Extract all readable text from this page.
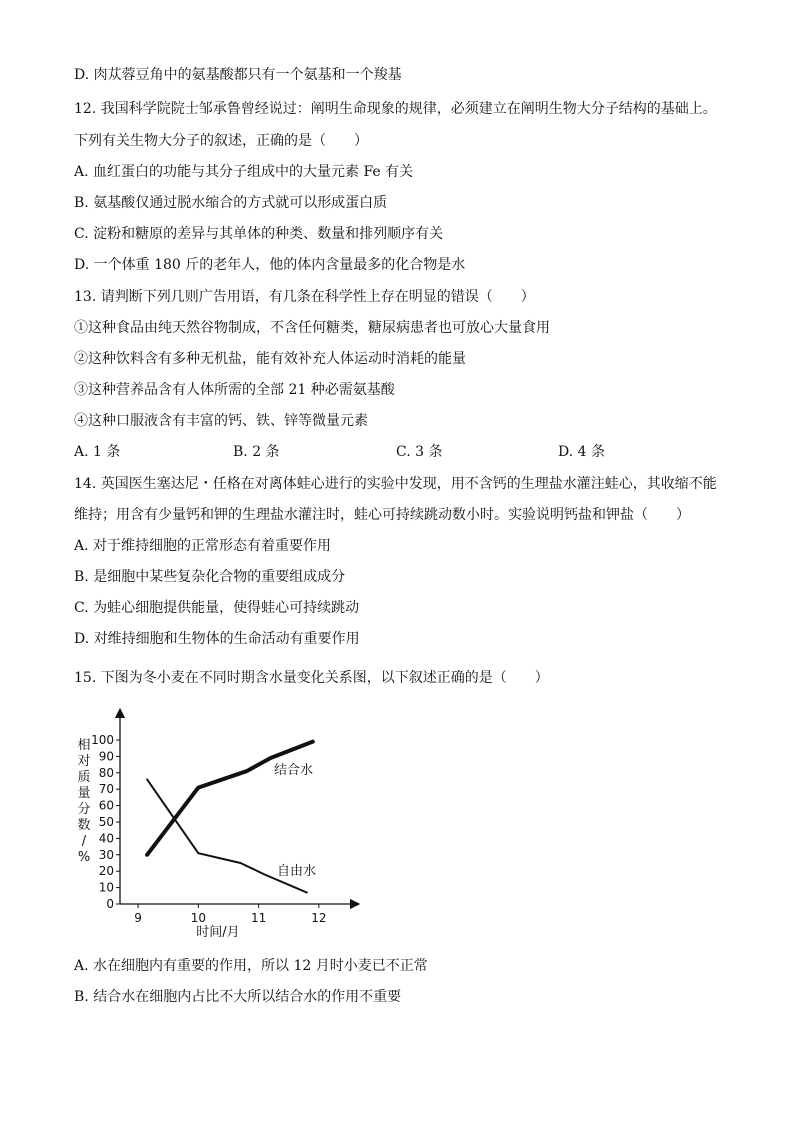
D. 肉苁蓉豆角中的氨基酸都只有一个氨基和一个羧基
12. 我国科学院院士邹承鲁曾经说过：阐明生命现象的规律，必须建立在阐明生物大分子结构的基础上。
下列有关生物大分子的叙述，正确的是（　　）
A. 血红蛋白的功能与其分子组成中的大量元素 Fe 有关
B. 氨基酸仅通过脱水缩合的方式就可以形成蛋白质
C. 淀粉和糖原的差异与其单体的种类、数量和排列顺序有关
D. 一个体重 180 斤的老年人，他的体内含量最多的化合物是水
13. 请判断下列几则广告用语，有几条在科学性上存在明显的错误（　　）
①这种食品由纯天然谷物制成，不含任何糖类，糖尿病患者也可放心大量食用
②这种饮料含有多种无机盐，能有效补充人体运动时消耗的能量
③这种营养品含有人体所需的全部 21 种必需氨基酸
④这种口服液含有丰富的钙、铁、锌等微量元素
A. 1 条	B. 2 条	C. 3 条	D. 4 条
14. 英国医生塞达尼・任格在对离体蛙心进行的实验中发现，用不含钙的生理盐水灌注蛙心，其收缩不能
维持；用含有少量钙和钾的生理盐水灌注时，蛙心可持续跳动数小时。实验说明钙盐和钾盐（　　）
A. 对于维持细胞的正常形态有着重要作用
B. 是细胞中某些复杂化合物的重要组成成分
C. 为蛙心细胞提供能量，使得蛙心可持续跳动
D. 对维持细胞和生物体的生命活动有重要作用
15. 下图为冬小麦在不同时期含水量变化关系图，以下叙述正确的是（　　）
0
10
20
30
40
50
60
70
80
90
100
9	10	11	12
相对质量分数/ %
时间/月
结合水
自由水
A. 水在细胞内有重要的作用，所以 12 月时小麦已不正常
B. 结合水在细胞内占比不大所以结合水的作用不重要
